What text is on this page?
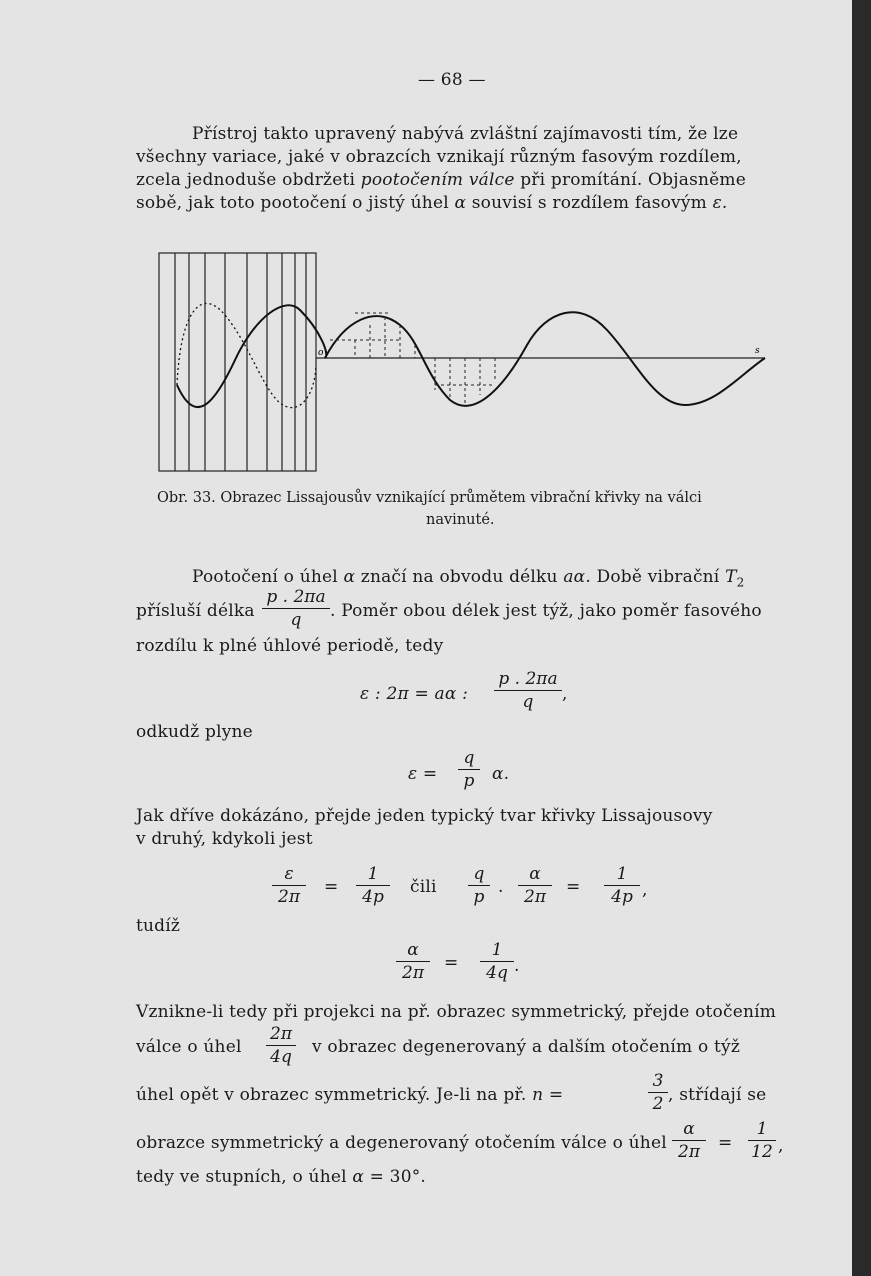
— 68 —
Přístroj takto upravený nabývá zvláštní zajímavosti tím, že lze
všechny variace, jaké v obrazcích vznikají různým fasovým rozdílem,
zcela jednoduše obdržeti pootočením válce při promítání. Objasněme
sobě, jak toto pootočení o jistý úhel α souvisí s rozdílem fasovým ε.
o	s
Obr. 33. Obrazec Lissajousův vznikající průmětem vibrační křivky na válci
navinuté.
Pootočení o úhel α značí na obvodu délku aα. Době vibrační $T_2$
přísluší délka
p . 2πa
q	. Poměr obou délek jest týž, jako poměr fasového
rozdílu k plné úhlové periodě, tedy
ε : 2π = aα :
p . 2πa
q	,
odkudž plyne
ε =
q
p	α.
Jak dříve dokázáno, přejde jeden typický tvar křivky Lissajousovy
v druhý, kdykoli jest
ε
2π	=
1
4p	čili
q
p .
α
2π	=
1
4p ,
tudíž
α
2π	=
1
4q .
Vznikne-li tedy při projekci na př. obrazec symmetrický, přejde otočením
válce o úhel
2π
4q v obrazec degenerovaný a dalším otočením o týž
úhel opět v obrazec symmetrický. Je-li na př. n =
3
2 , střídají se
obrazce symmetrický a degenerovaný otočením válce o úhel
α
2π	=
1
12 ,
tedy ve stupních, o úhel α = 30°.
